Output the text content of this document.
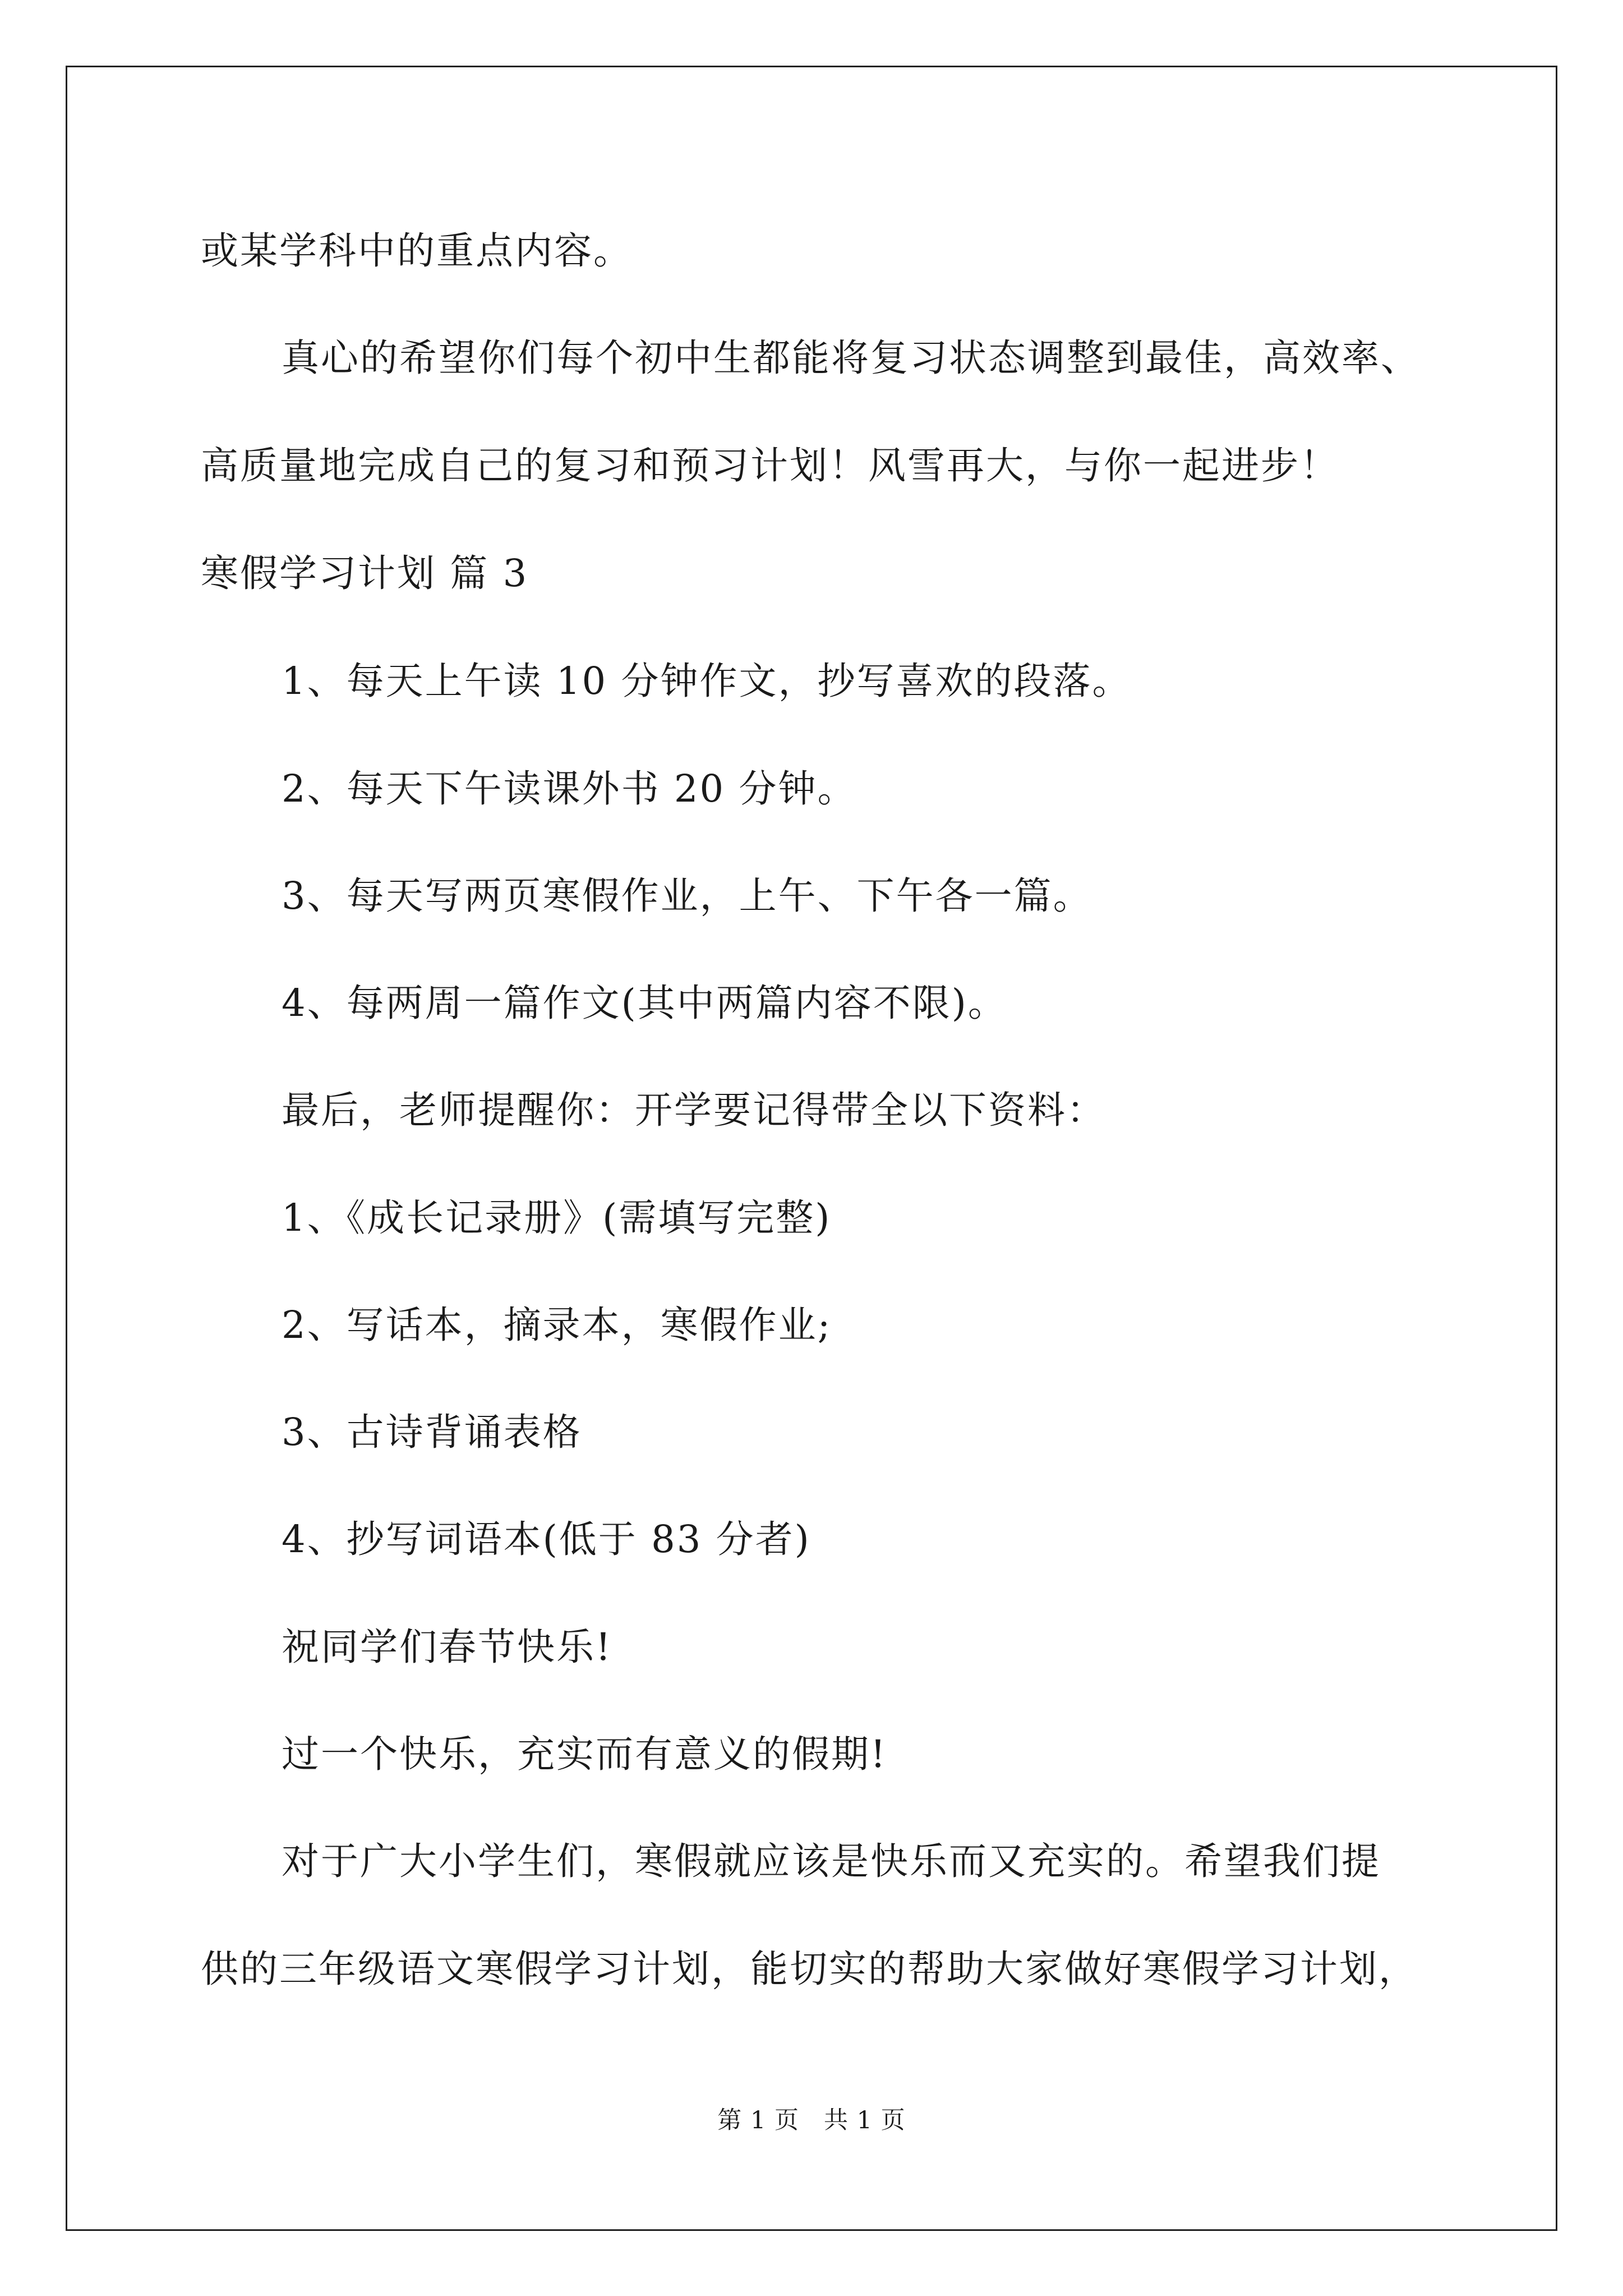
或某学科中的重点内容。
真心的希望你们每个初中生都能将复习状态调整到最佳，高效率、
高质量地完成自己的复习和预习计划！风雪再大，与你一起进步！
寒假学习计划 篇 3
1、每天上午读 10 分钟作文，抄写喜欢的段落。
2、每天下午读课外书 20 分钟。
3、每天写两页寒假作业，上午、下午各一篇。
4、每两周一篇作文(其中两篇内容不限)。
最后，老师提醒你：开学要记得带全以下资料：
1、《成长记录册》(需填写完整)
2、写话本，摘录本，寒假作业;
3、古诗背诵表格
4、抄写词语本(低于 83 分者)
祝同学们春节快乐!
过一个快乐，充实而有意义的假期!
对于广大小学生们，寒假就应该是快乐而又充实的。希望我们提
供的三年级语文寒假学习计划，能切实的帮助大家做好寒假学习计划，
第 1 页　共 1 页
